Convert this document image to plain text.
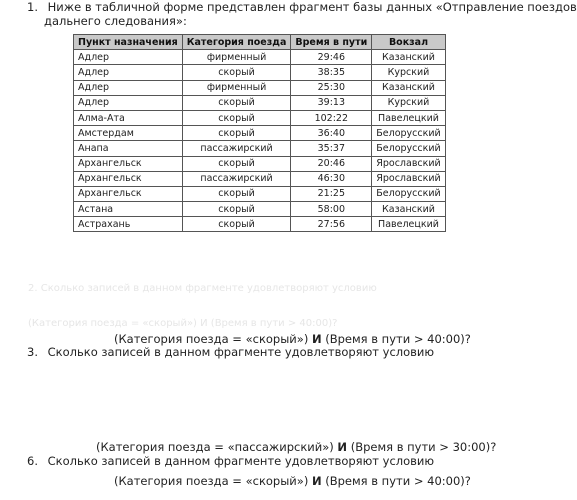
1. Ниже в табличной форме представлен фрагмент базы данных «Отправление поездов
дальнего следования»:
Пункт назначения	Категория поезда	Время в пути	Вокзал
Адлер	фирменный	29:46	Казанский
Адлер	скорый	38:35	Курский
Адлер	фирменный	25:30	Казанский
Адлер	скорый	39:13	Курский
Алма-Ата	скорый	102:22	Павелецкий
Амстердам	скорый	36:40	Белорусский
Анапа	пассажирский	35:37	Белорусский
Архангельск	скорый	20:46	Ярославский
Архангельск	пассажирский	46:30	Ярославский
Архангельск	скорый	21:25	Белорусский
Астана	скорый	58:00	Казанский
Астрахань	скорый	27:56	Павелецкий
2. Сколько записей в данном фрагменте удовлетворяют условию
(Категория поезда = «скорый») И (Время в пути > 40:00)?
(Категория поезда = «скорый») И (Время в пути > 40:00)?
3. Сколько записей в данном фрагменте удовлетворяют условию
(Категория поезда = «пассажирский») И (Время в пути > 30:00)?
6. Сколько записей в данном фрагменте удовлетворяют условию
(Категория поезда = «скорый») И (Время в пути > 40:00)?
